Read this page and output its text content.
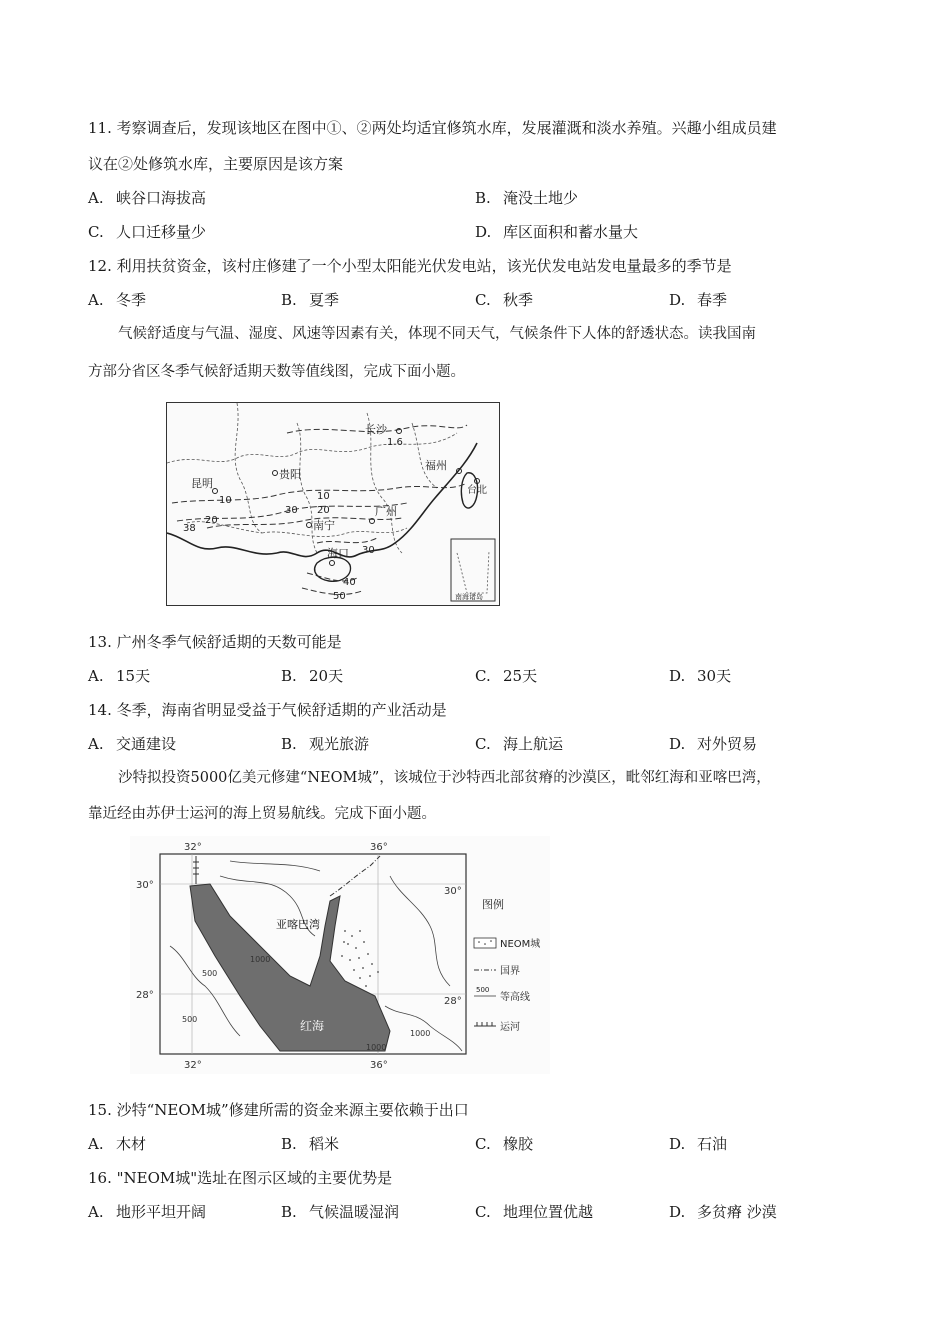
11. 考察调查后，发现该地区在图中①、②两处均适宜修筑水库，发展灌溉和淡水养殖。兴趣小组成员建
议在②处修筑水库，主要原因是该方案
A. 峡谷口海拔高	B. 淹没土地少
C. 人口迁移量少	D. 库区面积和蓄水量大
12. 利用扶贫资金，该村庄修建了一个小型太阳能光伏发电站，该光伏发电站发电量最多的季节是
A. 冬季	B. 夏季	C. 秋季	D. 春季
气候舒适度与气温、湿度、风速等因素有关，体现不同天气，气候条件下人体的舒透状态。读我国南
方部分省区冬季气候舒适期天数等值线图，完成下面小题。
长沙
贵阳
福州
昆明
南宁
广州
台北
海口
1.6
10
20
10
30
20
38
30
40
50	南海诸岛
13. 广州冬季气候舒适期的天数可能是
A. 15天	B. 20天	C. 25天	D. 30天
14. 冬季，海南省明显受益于气候舒适期的产业活动是
A. 交通建设	B. 观光旅游	C. 海上航运	D. 对外贸易
沙特拟投资5000亿美元修建“NEOM城”，该城位于沙特西北部贫瘠的沙漠区，毗邻红海和亚喀巴湾，
靠近经由苏伊士运河的海上贸易航线。完成下面小题。
32°	36°
32°	36°
30°
30°
28°
28°
亚喀巴湾
红海
1000
500
1000
500
1000
图例
NEOM城
国界
500
等高线
运河
15. 沙特“NEOM城”修建所需的资金来源主要依赖于出口
A. 木材	B. 稻米	C. 橡胶	D. 石油
16. "NEOM城"选址在图示区域的主要优势是
A. 地形平坦开阔	B. 气候温暖湿润	C. 地理位置优越	D. 多贫瘠 沙漠
